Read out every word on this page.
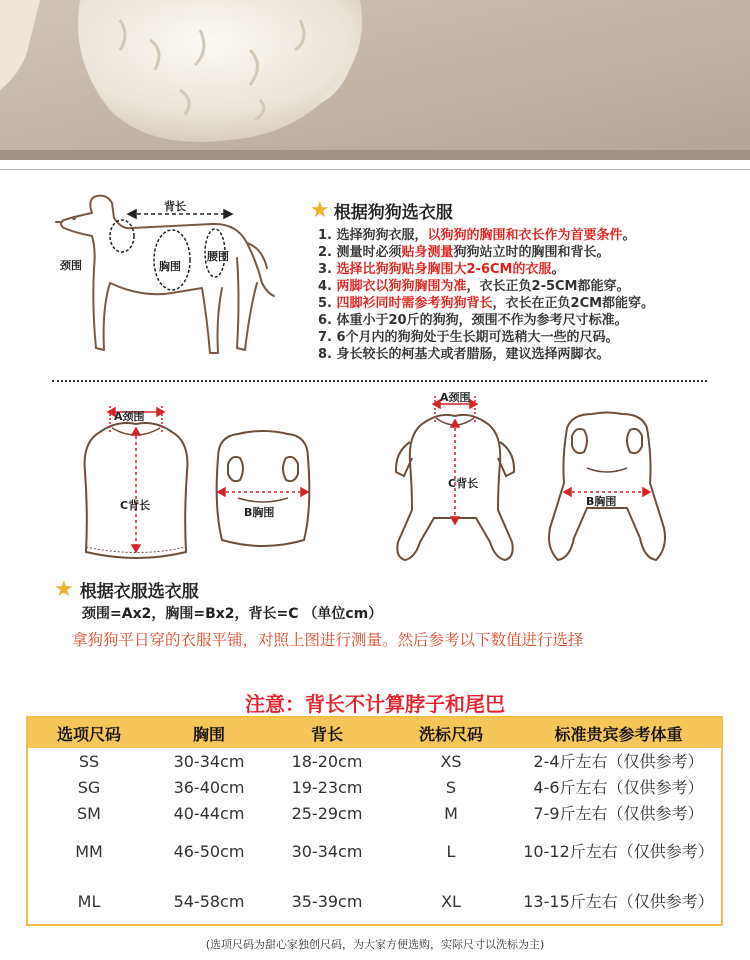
背长
颈围	胸围
腰围
★ 根据狗狗选衣服
1. 选择狗狗衣服，以狗狗的胸围和衣长作为首要条件。
2. 测量时必须贴身测量狗狗站立时的胸围和背长。
3. 选择比狗狗贴身胸围大2-6CM的衣服。
4. 两脚衣以狗狗胸围为准，衣长正负2-5CM都能穿。
5. 四脚衫同时需参考狗狗背长，衣长在正负2CM都能穿。
6. 体重小于20斤的狗狗，颈围不作为参考尺寸标准。
7. 6个月内的狗狗处于生长期可选稍大一些的尺码。
8. 身长较长的柯基犬或者腊肠，建议选择两脚衣。
A颈围
C背长
B胸围
A颈围
C背长
B胸围
★ 根据衣服选衣服
颈围=Ax2，胸围=Bx2，背长=C （单位cm）
拿狗狗平日穿的衣服平铺，对照上图进行测量。然后参考以下数值进行选择
注意：背长不计算脖子和尾巴
选项尺码	胸围	背长	洗标尺码	标准贵宾参考体重
SS	30-34cm	18-20cm	XS	2-4斤左右（仅供参考）
SG	36-40cm	19-23cm	S	4-6斤左右（仅供参考）
SM	40-44cm	25-29cm	M	7-9斤左右（仅供参考）
MM	46-50cm	30-34cm	L	10-12斤左右（仅供参考）
ML	54-58cm	35-39cm	XL	13-15斤左右（仅供参考）
(选项尺码为甜心家独创尺码，为大家方便选购，实际尺寸以洗标为主)
